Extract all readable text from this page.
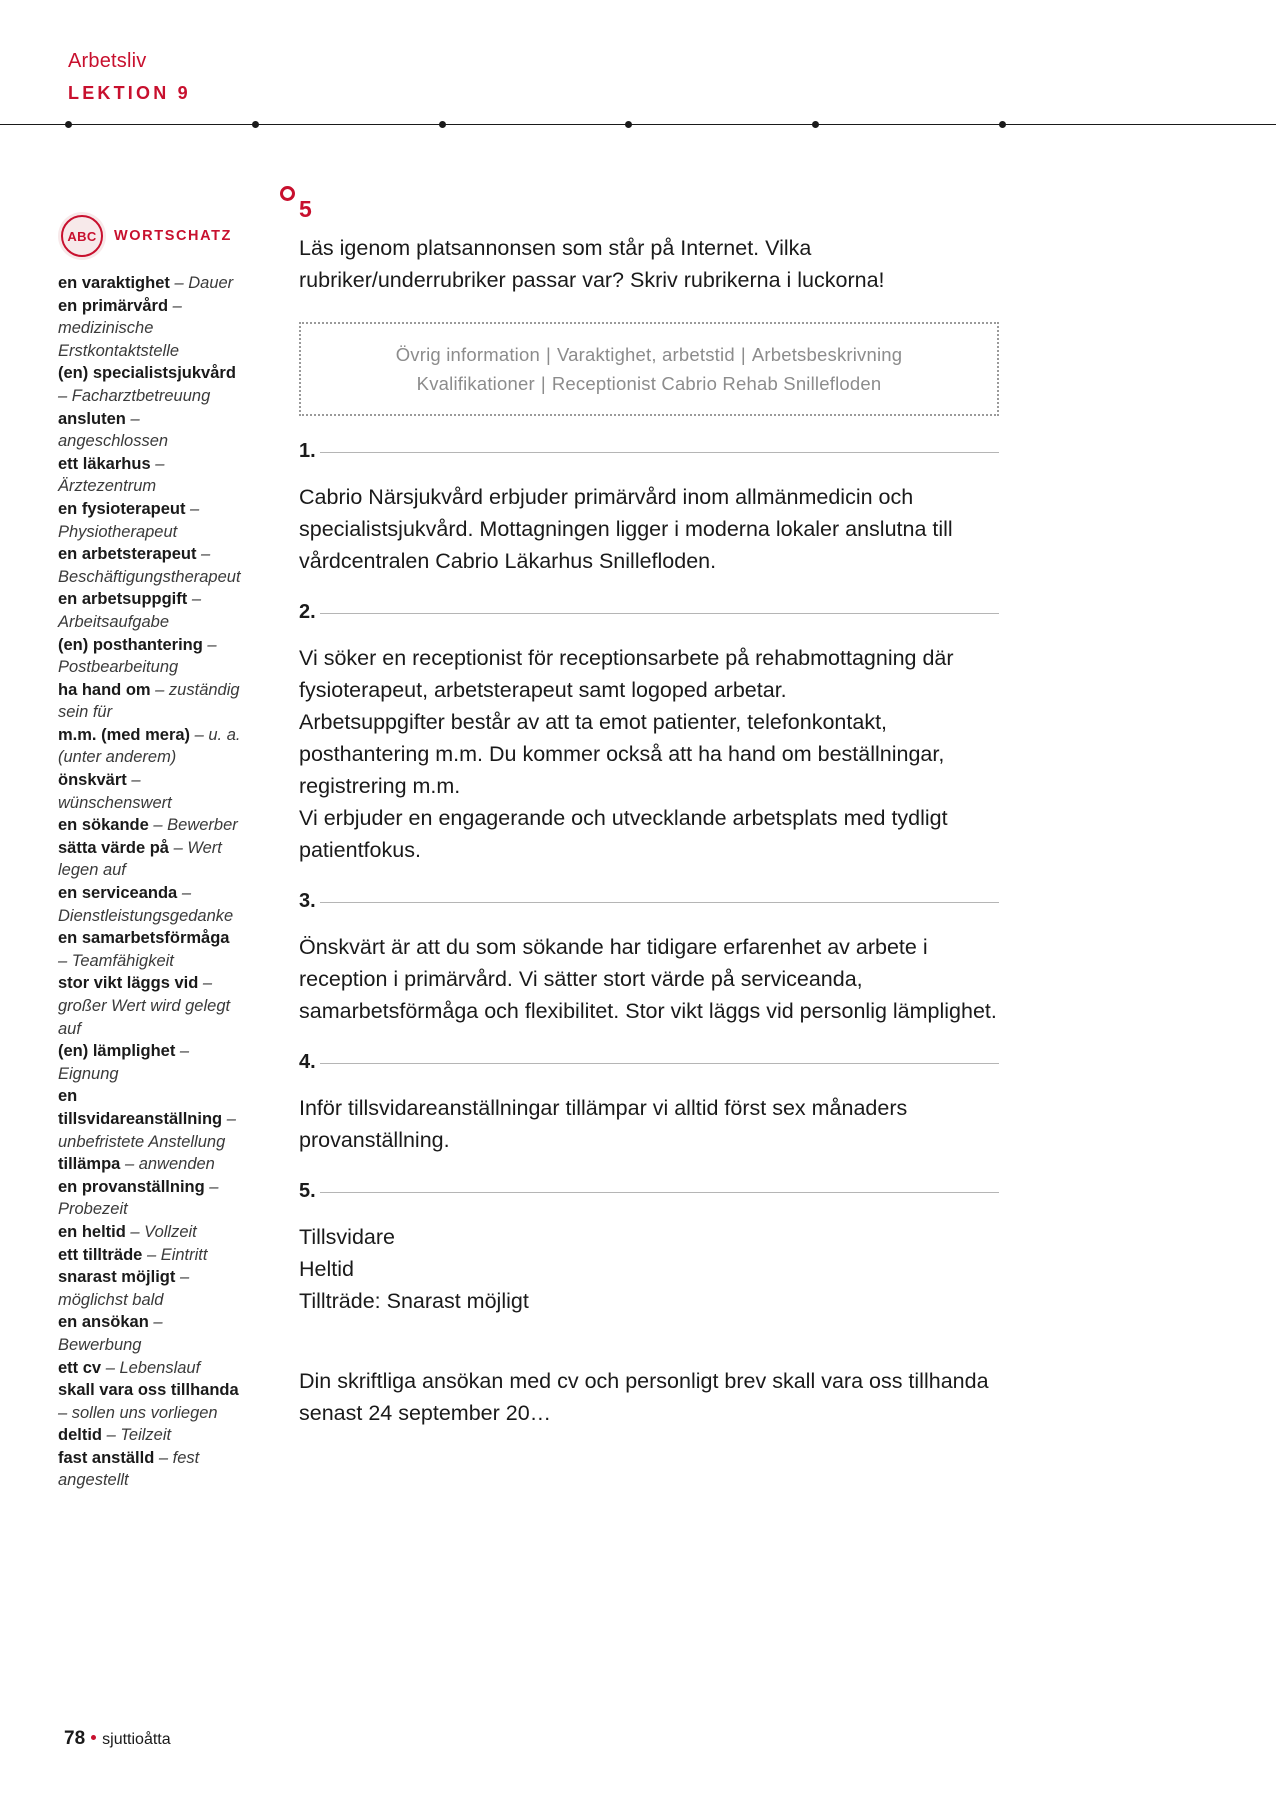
Arbetsliv
LEKTION 9
ABC WORTSCHATZ
en varaktighet – Dauer
en primärvård – medizinische Erstkontaktstelle
(en) specialistsjukvård – Facharztbetreuung
ansluten – angeschlossen
ett läkarhus – Ärztezentrum
en fysioterapeut – Physiotherapeut
en arbetsterapeut – Beschäftigungstherapeut
en arbetsuppgift – Arbeitsaufgabe
(en) posthantering – Postbearbeitung
ha hand om – zuständig sein für
m.m. (med mera) – u. a. (unter anderem)
önskvärt – wünschenswert
en sökande – Bewerber
sätta värde på – Wert legen auf
en serviceanda – Dienstleistungsgedanke
en samarbetsförmåga – Teamfähigkeit
stor vikt läggs vid – großer Wert wird gelegt auf
(en) lämplighet – Eignung
en tillsvidareanställning – unbefristete Anstellung
tillämpa – anwenden
en provanställning – Probezeit
en heltid – Vollzeit
ett tillträde – Eintritt
snarast möjligt – möglichst bald
en ansökan – Bewerbung
ett cv – Lebenslauf
skall vara oss tillhanda – sollen uns vorliegen
deltid – Teilzeit
fast anställd – fest angestellt
5
Läs igenom platsannonsen som står på Internet. Vilka rubriker/underrubriker passar var? Skriv rubrikerna i luckorna!
Övrig information | Varaktighet, arbetstid | Arbetsbeskrivning
Kvalifikationer | Receptionist Cabrio Rehab Snillefloden
1.
Cabrio Närsjukvård erbjuder primärvård inom allmänmedicin och specialistsjukvård. Mottagningen ligger i moderna lokaler anslutna till vårdcentralen Cabrio Läkarhus Snillefloden.
2.
Vi söker en receptionist för receptionsarbete på rehabmottagning där fysioterapeut, arbetsterapeut samt logoped arbetar.
Arbetsuppgifter består av att ta emot patienter, telefonkontakt, posthantering m.m. Du kommer också att ha hand om beställningar, registrering m.m.
Vi erbjuder en engagerande och utvecklande arbetsplats med tydligt patientfokus.
3.
Önskvärt är att du som sökande har tidigare erfarenhet av arbete i reception i primärvård. Vi sätter stort värde på serviceanda, samarbetsförmåga och flexibilitet. Stor vikt läggs vid personlig lämplighet.
4.
Inför tillsvidareanställningar tillämpar vi alltid först sex månaders provanställning.
5.
Tillsvidare
Heltid
Tillträde: Snarast möjligt
Din skriftliga ansökan med cv och personligt brev skall vara oss tillhanda senast 24 september 20…
78 sjuttioåtta
